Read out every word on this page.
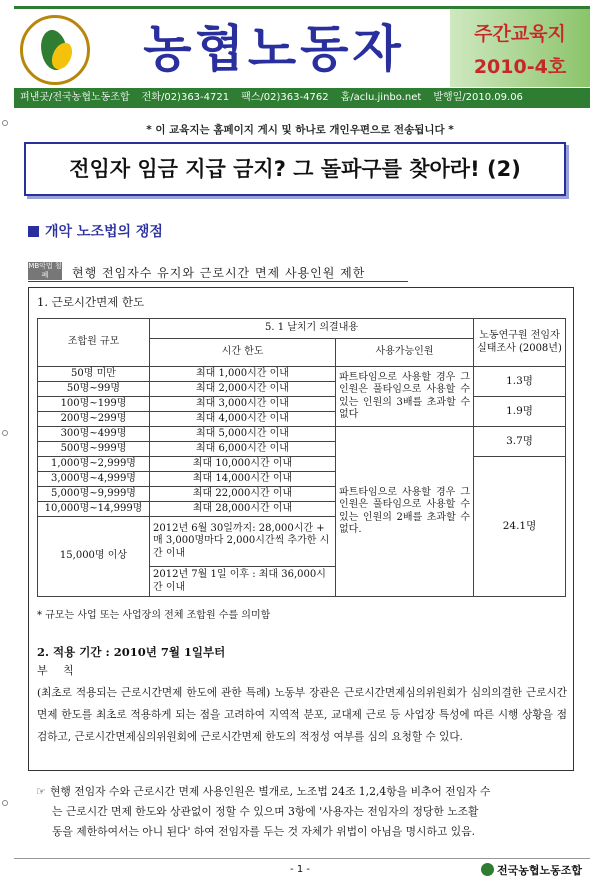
농협노동자	주간교육지
2010-4호
펴낸곳/전국농협노동조합 전화/02)363-4721 팩스/02)363-4762 홈/aclu.jinbo.net 발행일/2010.09.06
* 이 교육지는 홈페이지 게시 및 하나로 개인우편으로 전송됩니다 *
전임자 임금 지급 금지? 그 돌파구를 찾아라! (2)
개악 노조법의 쟁점
MB악법 철폐	현행 전임자수 유지와 근로시간 면제 사용인원 제한
1. 근로시간면제 한도
조합원 규모	5. 1 날치기 의결내용		노동연구원 전임자실태조사 (2008년)
	시간 한도	사용가능인원	
50명 미만	최대 1,000시간 이내	파트타임으로 사용할 경우 그 인원은 풀타임으로 사용할 수 있는 인원의 3배를 초과할 수 없다	1.3명
50명~99명	최대 2,000시간 이내		
100명~199명	최대 3,000시간 이내		1.9명
200명~299명	최대 4,000시간 이내		
300명~499명	최대 5,000시간 이내	파트타임으로 사용할 경우 그 인원은 풀타임으로 사용할 수 있는 인원의 2배를 초과할 수 없다.	3.7명
500명~999명	최대 6,000시간 이내		
1,000명~2,999명	최대 10,000시간 이내		24.1명
3,000명~4,999명	최대 14,000시간 이내		
5,000명~9,999명	최대 22,000시간 이내		
10,000명~14,999명	최대 28,000시간 이내		
15,000명 이상	2012년 6월 30일까지: 28,000시간 + 매 3,000명마다 2,000시간씩 추가한 시간 이내		
	2012년 7월 1일 이후 : 최대 36,000시간 이내		
* 규모는 사업 또는 사업장의 전체 조합원 수를 의미함
2. 적용 기간 : 2010년 7월 1일부터
부 칙
(최초로 적용되는 근로시간면제 한도에 관한 특례) 노동부 장관은 근로시간면제심의위원회가 심의의결한 근로시간면제 한도를 최초로 적용하게 되는 점을 고려하여 지역적 분포, 교대제 근로 등 사업장 특성에 따른 시행 상황을 점검하고, 근로시간면제심의위원회에 근로시간면제 한도의 적정성 여부를 심의 요청할 수 있다.
☞ 현행 전임자 수와 근로시간 면제 사용인원은 별개로, 노조법 24조 1,2,4항을 비추어 전임자 수
는 근로시간 면제 한도와 상관없이 정할 수 있으며 3항에 '사용자는 전임자의 정당한 노조활
동을 제한하여서는 아니 된다' 하여 전임자를 두는 것 자체가 위법이 아님을 명시하고 있음.
- 1 -	전국농협노동조합
